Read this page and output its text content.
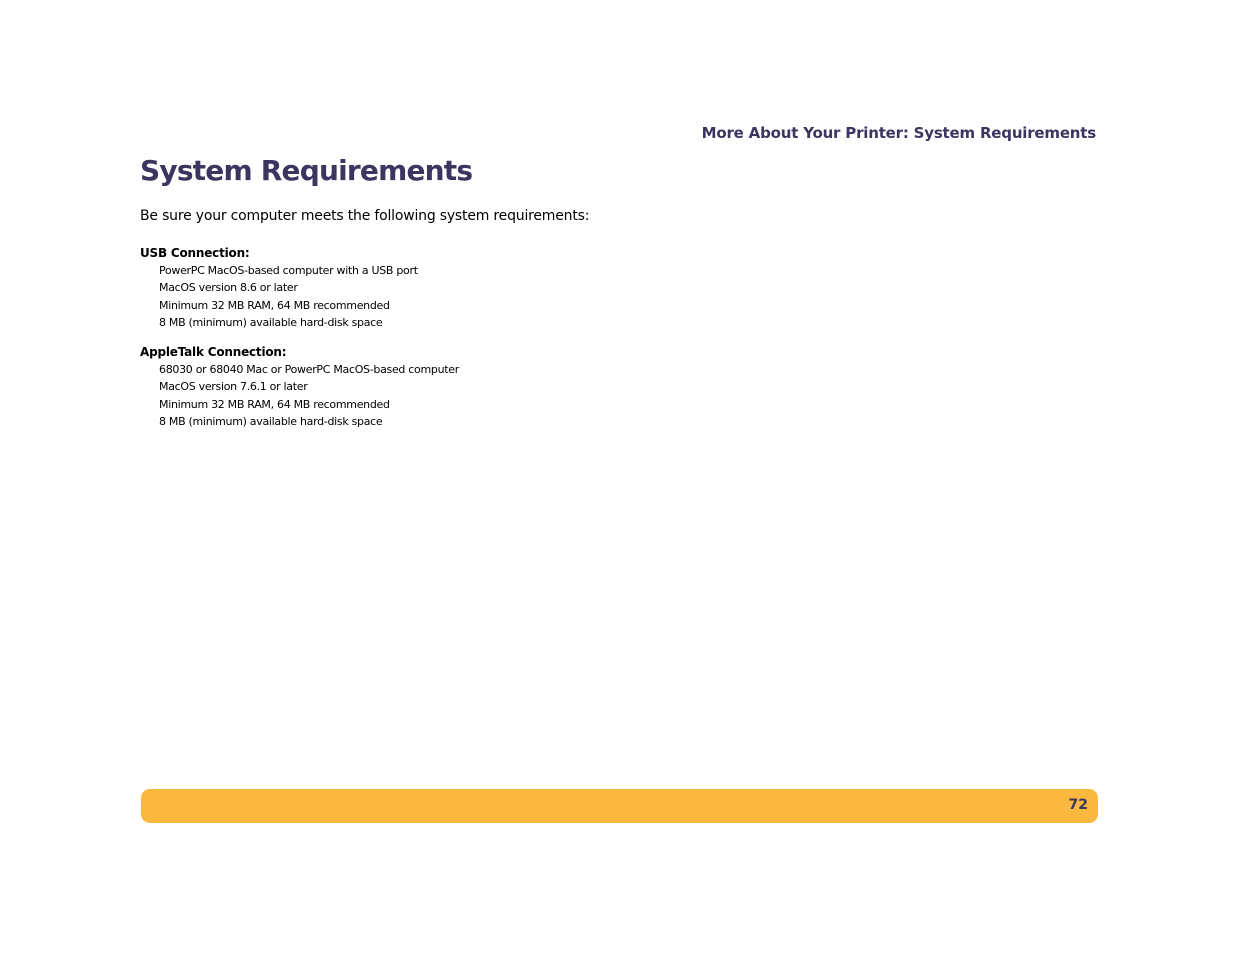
More About Your Printer: System Requirements
System Requirements
Be sure your computer meets the following system requirements:
USB Connection:
PowerPC MacOS-based computer with a USB port
MacOS version 8.6 or later
Minimum 32 MB RAM, 64 MB recommended
8 MB (minimum) available hard-disk space
AppleTalk Connection:
68030 or 68040 Mac or PowerPC MacOS-based computer
MacOS version 7.6.1 or later
Minimum 32 MB RAM, 64 MB recommended
8 MB (minimum) available hard-disk space
72
